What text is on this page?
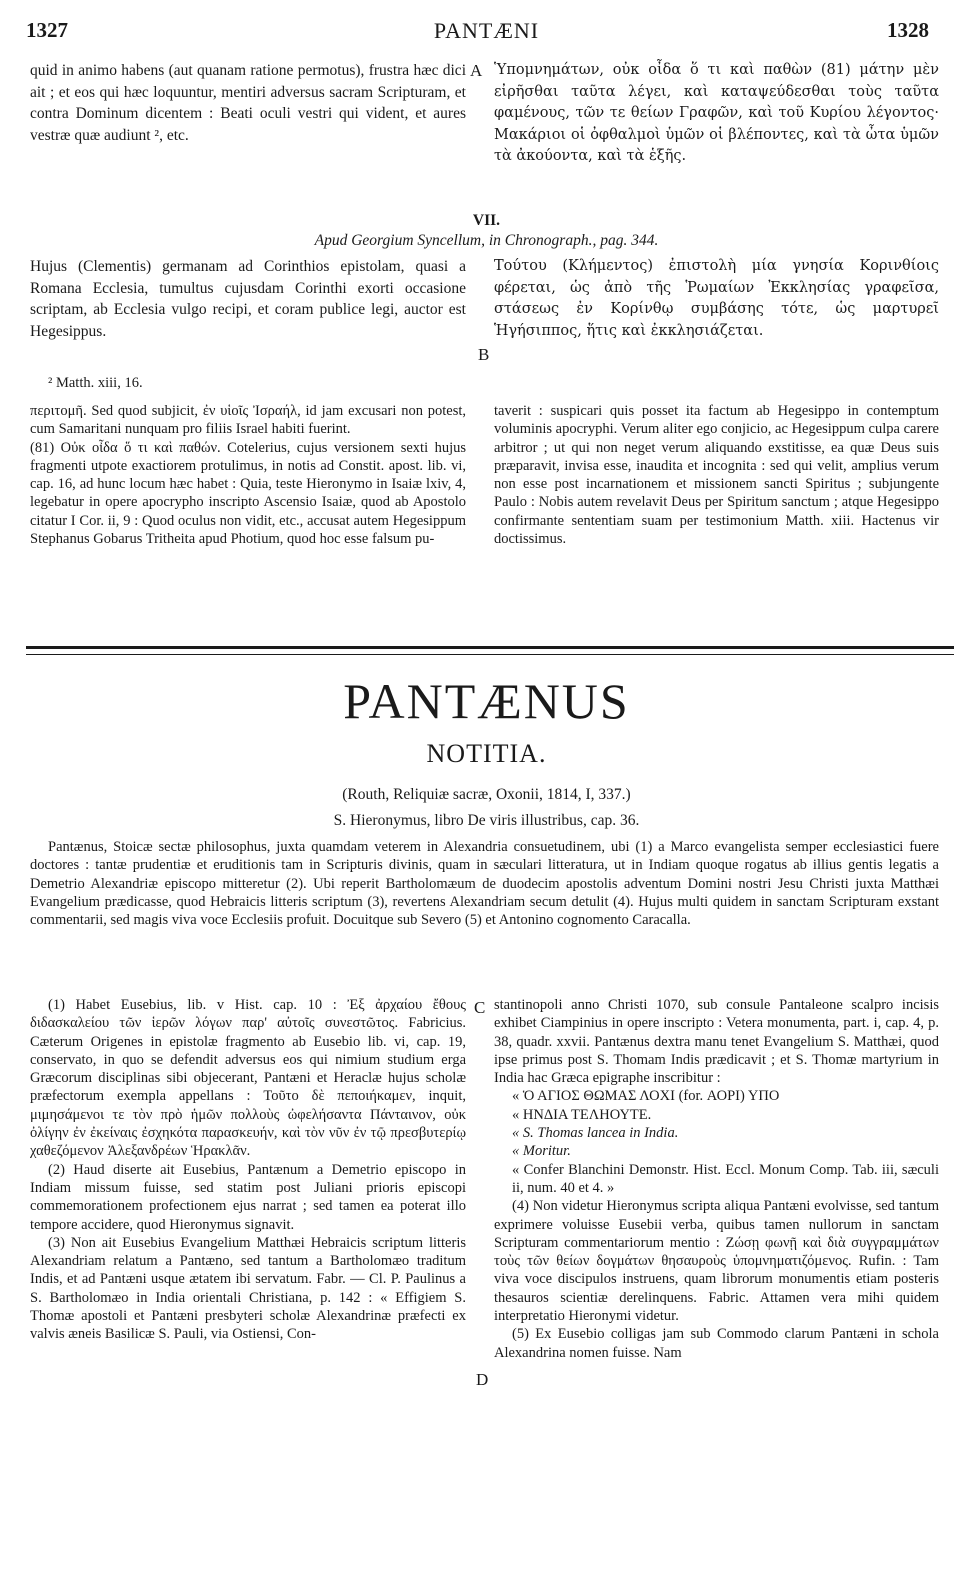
1327	PANTÆNI	1328

quid in animo habens (aut quanam ratione permotus), frustra hæc dici ait ; et eos qui hæc loquuntur, mentiri adversus sacram Scripturam, et contra Dominum dicentem : Beati oculi vestri qui vident, et aures vestræ quæ audiunt ², etc.

A Ὑπομνημάτων, οὐκ οἶδα ὅ τι καὶ παθὼν (81) μάτην μὲν εἰρῆσθαι ταῦτα λέγει, καὶ καταψεύδεσθαι τοὺς ταῦτα φαμένους, τῶν τε θείων Γραφῶν, καὶ τοῦ Κυρίου λέγοντος· Μακάριοι οἱ ὀφθαλμοὶ ὑμῶν οἱ βλέποντες, καὶ τὰ ὦτα ὑμῶν τὰ ἀκούοντα, καὶ τὰ ἑξῆς.

VII.

Apud Georgium Syncellum, in Chronograph., pag. 344.

Hujus (Clementis) germanam ad Corinthios epistolam, quasi a Romana Ecclesia, tumultus cujusdam Corinthi exorti occasione scriptam, ab Ecclesia vulgo recipi, et coram publice legi, auctor est Hegesippus.

B

Τούτου (Κλήμεντος) ἐπιστολὴ μία γνησία Κορινθίοις φέρεται, ὡς ἀπὸ τῆς Ῥωμαίων Ἐκκλησίας γραφεῖσα, στάσεως ἐν Κορίνθῳ συμβάσης τότε, ὡς μαρτυρεῖ Ἡγήσιππος, ἥτις καὶ ἐκκλησιάζεται.

² Matth. xiii, 16.

περιτομῆ. Sed quod subjicit, ἐν υἱοῖς Ἰσραήλ, id jam excusari non potest, cum Samaritani nunquam pro filiis Israel habiti fuerint.
(81) Οὐκ οἶδα ὅ τι καὶ παθών. Cotelerius, cujus versionem sexti hujus fragmenti utpote exactiorem protulimus, in notis ad Constit. apost. lib. vi, cap. 16, ad hunc locum hæc habet : Quia, teste Hieronymo in Isaiæ lxiv, 4, legebatur in opere apocrypho inscripto Ascensio Isaiæ, quod ab Apostolo citatur I Cor. ii, 9 : Quod oculus non vidit, etc., accusat autem Hegesippum Stephanus Gobarus Tritheita apud Photium, quod hoc esse falsum pu-

taverit : suspicari quis posset ita factum ab Hegesippo in contemptum voluminis apocryphi. Verum aliter ego conjicio, ac Hegesippum culpa carere arbitror ; ut qui non neget verum aliquando exstitisse, ea quæ Deus suis præparavit, invisa esse, inaudita et incognita : sed qui velit, amplius verum non esse post incarnationem et missionem sancti Spiritus ; subjungente Paulo : Nobis autem revelavit Deus per Spiritum sanctum ; atque Hegesippo confirmante sententiam suam per testimonium Matth. xiii. Hactenus vir doctissimus.

PANTÆNUS

NOTITIA.

(Routh, Reliquiæ sacræ, Oxonii, 1814, I, 337.)

S. Hieronymus, libro De viris illustribus, cap. 36.

Pantænus, Stoicæ sectæ philosophus, juxta quamdam veterem in Alexandria consuetudinem, ubi (1) a Marco evangelista semper ecclesiastici fuere doctores : tantæ prudentiæ et eruditionis tam in Scripturis divinis, quam in sæculari litteratura, ut in Indiam quoque rogatus ab illius gentis legatis a Demetrio Alexandriæ episcopo mitteretur (2). Ubi reperit Bartholomæum de duodecim apostolis adventum Domini nostri Jesu Christi juxta Matthæi Evangelium prædicasse, quod Hebraicis litteris scriptum (3), revertens Alexandriam secum detulit (4). Hujus multi quidem in sanctam Scripturam exstant commentarii, sed magis viva voce Ecclesiis profuit. Docuitque sub Severo (5) et Antonino cognomento Caracalla.

(1) Habet Eusebius, lib. v Hist. cap. 10 : Ἐξ ἀρχαίου ἔθους διδασκαλείου τῶν ἱερῶν λόγων παρ' αὐτοῖς συνεστῶτος. Fabricius. Cæterum Origenes in epistolæ fragmento ab Eusebio lib. vi, cap. 19, conservato, in quo se defendit adversus eos qui nimium studium erga Græcorum disciplinas sibi objecerant, Pantæni et Heraclæ hujus scholæ præfectorum exempla appellans : Τοῦτο δὲ πεποιήκαμεν, inquit, μιμησάμενοι τε τὸν πρὸ ἡμῶν πολλοὺς ὠφελήσαντα Πάνταινον, οὐκ ὀλίγην ἐν ἐκείναις ἐσχηκότα παρασκευήν, καὶ τὸν νῦν ἐν τῷ πρεσβυτερίῳ χαθεζόμενον Ἀλεξανδρέων Ἡρακλᾶν.

(2) Haud diserte ait Eusebius, Pantænum a Demetrio episcopo in Indiam missum fuisse, sed statim post Juliani prioris episcopi commemorationem profectionem ejus narrat ; sed tamen ea poterat illo tempore accidere, quod Hieronymus signavit.

(3) Non ait Eusebius Evangelium Matthæi Hebraicis scriptum litteris Alexandriam relatum a Pantæno, sed tantum a Bartholomæo traditum Indis, et ad Pantæni usque ætatem ibi servatum. Fabr. — Cl. P. Paulinus a S. Bartholomæo in India orientali Christiana, p. 142 : « Effigiem S. Thomæ apostoli et Pantæni presbyteri scholæ Alexandrinæ præfecti ex valvis æneis Basilicæ S. Pauli, via Ostiensi, Con-

C
D

stantinopoli anno Christi 1070, sub consule Pantaleone scalpro incisis exhibet Ciampinius in opere inscripto : Vetera monumenta, part. i, cap. 4, p. 38, quadr. xxvii. Pantænus dextra manu tenet Evangelium S. Matthæi, quod ipse primus post S. Thomam Indis prædicavit ; et S. Thomæ martyrium in India hac Græca epigraphe inscribitur :

« Ὁ ΑΓΙΟΣ ΘΩΜΑΣ ΛΟΧΙ (for. ΑΟΡΙ) ΥΠΟ

« ΗΝΔΙΑ ΤΕΛΗΟΥΤΕ.

« S. Thomas lancea in India.

« Moritur.

« Confer Blanchini Demonstr. Hist. Eccl. Monum Comp. Tab. iii, sæculi ii, num. 40 et 4. »

(4) Non videtur Hieronymus scripta aliqua Pantæni evolvisse, sed tantum exprimere voluisse Eusebii verba, quibus tamen nullorum in sanctam Scripturam commentariorum mentio : Ζώσῃ φωνῇ καὶ διὰ συγγραμμάτων τοὺς τῶν θείων δογμάτων θησαυροὺς ὑπομνηματιζόμενος. Rufin. : Tam viva voce discipulos instruens, quam librorum monumentis etiam posteris thesauros scientiæ derelinquens. Fabric. Attamen vera mihi quidem interpretatio Hieronymi videtur.

(5) Ex Eusebio colligas jam sub Commodo clarum Pantæni in schola Alexandrina nomen fuisse. Nam
